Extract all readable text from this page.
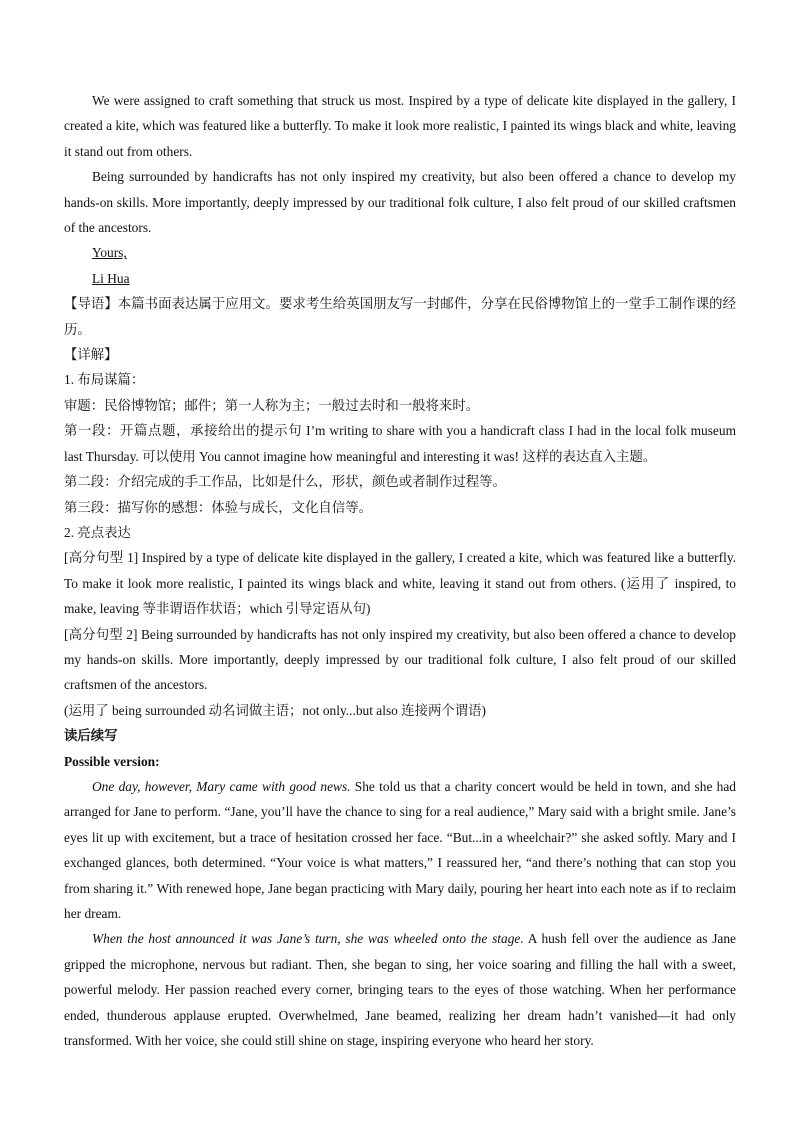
We were assigned to craft something that struck us most. Inspired by a type of delicate kite displayed in the gallery, I created a kite, which was featured like a butterfly. To make it look more realistic, I painted its wings black and white, leaving it stand out from others.

Being surrounded by handicrafts has not only inspired my creativity, but also been offered a chance to develop my hands-on skills. More importantly, deeply impressed by our traditional folk culture, I also felt proud of our skilled craftsmen of the ancestors.

Yours,

Li Hua

【导语】本篇书面表达属于应用文。要求考生给英国朋友写一封邮件，分享在民俗博物馆上的一堂手工制作课的经历。

【详解】

1. 布局谋篇：

审题：民俗博物馆；邮件；第一人称为主；一般过去时和一般将来时。

第一段：开篇点题，承接给出的提示句 I’m writing to share with you a handicraft class I had in the local folk museum last Thursday. 可以使用 You cannot imagine how meaningful and interesting it was! 这样的表达直入主题。

第二段：介绍完成的手工作品，比如是什么，形状，颜色或者制作过程等。

第三段：描写你的感想：体验与成长，文化自信等。

2. 亮点表达

[高分句型 1] Inspired by a type of delicate kite displayed in the gallery, I created a kite, which was featured like a butterfly. To make it look more realistic, I painted its wings black and white, leaving it stand out from others. (运用了 inspired, to make, leaving 等非谓语作状语；which 引导定语从句)

[高分句型 2] Being surrounded by handicrafts has not only inspired my creativity, but also been offered a chance to develop my hands-on skills. More importantly, deeply impressed by our traditional folk culture, I also felt proud of our skilled craftsmen of the ancestors.

(运用了 being surrounded 动名词做主语；not only...but also 连接两个谓语)

读后续写

Possible version:

One day, however, Mary came with good news. She told us that a charity concert would be held in town, and she had arranged for Jane to perform. “Jane, you’ll have the chance to sing for a real audience,” Mary said with a bright smile. Jane’s eyes lit up with excitement, but a trace of hesitation crossed her face. “But...in a wheelchair?” she asked softly. Mary and I exchanged glances, both determined. “Your voice is what matters,” I reassured her, “and there’s nothing that can stop you from sharing it.” With renewed hope, Jane began practicing with Mary daily, pouring her heart into each note as if to reclaim her dream.

When the host announced it was Jane’s turn, she was wheeled onto the stage. A hush fell over the audience as Jane gripped the microphone, nervous but radiant. Then, she began to sing, her voice soaring and filling the hall with a sweet, powerful melody. Her passion reached every corner, bringing tears to the eyes of those watching. When her performance ended, thunderous applause erupted. Overwhelmed, Jane beamed, realizing her dream hadn’t vanished—it had only transformed. With her voice, she could still shine on stage, inspiring everyone who heard her story.
